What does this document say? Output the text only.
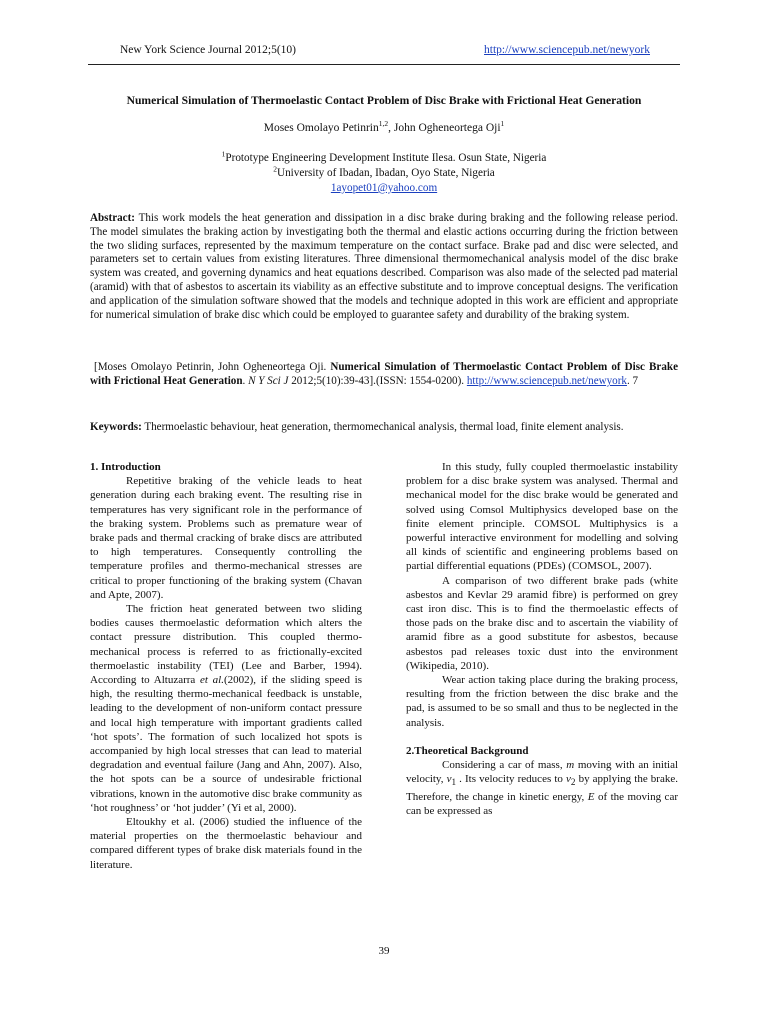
New York Science Journal 2012;5(10)	http://www.sciencepub.net/newyork
Numerical Simulation of Thermoelastic Contact Problem of Disc Brake with Frictional Heat Generation
Moses Omolayo Petinrin$^{1,2}$, John Ogheneortega Oji$^1$
$^1$Prototype Engineering Development Institute Ilesa. Osun State, Nigeria
$^2$University of Ibadan, Ibadan, Oyo State, Nigeria
1ayopet01@yahoo.com
Abstract: This work models the heat generation and dissipation in a disc brake during braking and the following release period. The model simulates the braking action by investigating both the thermal and elastic actions occurring during the friction between the two sliding surfaces, represented by the maximum temperature on the contact surface. Brake pad and disc were selected, and parameters set to certain values from existing literatures. Three dimensional thermomechanical analysis model of the disc brake system was created, and governing dynamics and heat equations described. Comparison was also made of the selected pad material (aramid) with that of asbestos to ascertain its viability as an effective substitute and to improve conceptual designs. The verification and application of the simulation software showed that the models and technique adopted in this work are efficient and appropriate for numerical simulation of brake disc which could be employed to guarantee safety and durability of the braking system.
[Moses Omolayo Petinrin, John Ogheneortega Oji. Numerical Simulation of Thermoelastic Contact Problem of Disc Brake with Frictional Heat Generation. N Y Sci J 2012;5(10):39-43].(ISSN: 1554-0200). http://www.sciencepub.net/newyork. 7
Keywords: Thermoelastic behaviour, heat generation, thermomechanical analysis, thermal load, finite element analysis.
1. Introduction

Repetitive braking of the vehicle leads to heat generation during each braking event. The resulting rise in temperatures has very significant role in the performance of the braking system. Problems such as premature wear of brake pads and thermal cracking of brake discs are attributed to high temperatures. Consequently controlling the temperature profiles and thermo-mechanical stresses are critical to proper functioning of the braking system (Chavan and Apte, 2007).

The friction heat generated between two sliding bodies causes thermoelastic deformation which alters the contact pressure distribution. This coupled thermo-mechanical process is referred to as frictionally-excited thermoelastic instability (TEI) (Lee and Barber, 1994). According to Altuzarra et al.(2002), if the sliding speed is high, the resulting thermo-mechanical feedback is unstable, leading to the development of non-uniform contact pressure and local high temperature with important gradients called ‘hot spots’. The formation of such localized hot spots is accompanied by high local stresses that can lead to material degradation and eventual failure (Jang and Ahn, 2007). Also, the hot spots can be a source of undesirable frictional vibrations, known in the automotive disc brake community as ‘hot roughness’ or ‘hot judder’ (Yi et al, 2000).

Eltoukhy et al. (2006) studied the influence of the material properties on the thermoelastic behaviour and compared different types of brake disk materials found in the literature.

In this study, fully coupled thermoelastic instability problem for a disc brake system was analysed. Thermal and mechanical model for the disc brake would be generated and solved using Comsol Multiphysics developed base on the finite element principle. COMSOL Multiphysics is a powerful interactive environment for modelling and solving all kinds of scientific and engineering problems based on partial differential equations (PDEs) (COMSOL, 2007).

A comparison of two different brake pads (white asbestos and Kevlar 29 aramid fibre) is performed on grey cast iron disc. This is to find the thermoelastic effects of those pads on the brake disc and to ascertain the viability of aramid fibre as a good substitute for asbestos, because asbestos pad releases toxic dust into the environment (Wikipedia, 2010).

Wear action taking place during the braking process, resulting from the friction between the disc brake and the pad, is assumed to be so small and thus to be neglected in the analysis.

2.Theoretical Background

Considering a car of mass, m moving with an initial velocity, $v_1$ . Its velocity reduces to $v_2$ by applying the brake. Therefore, the change in kinetic energy, E of the moving car can be expressed as

39
